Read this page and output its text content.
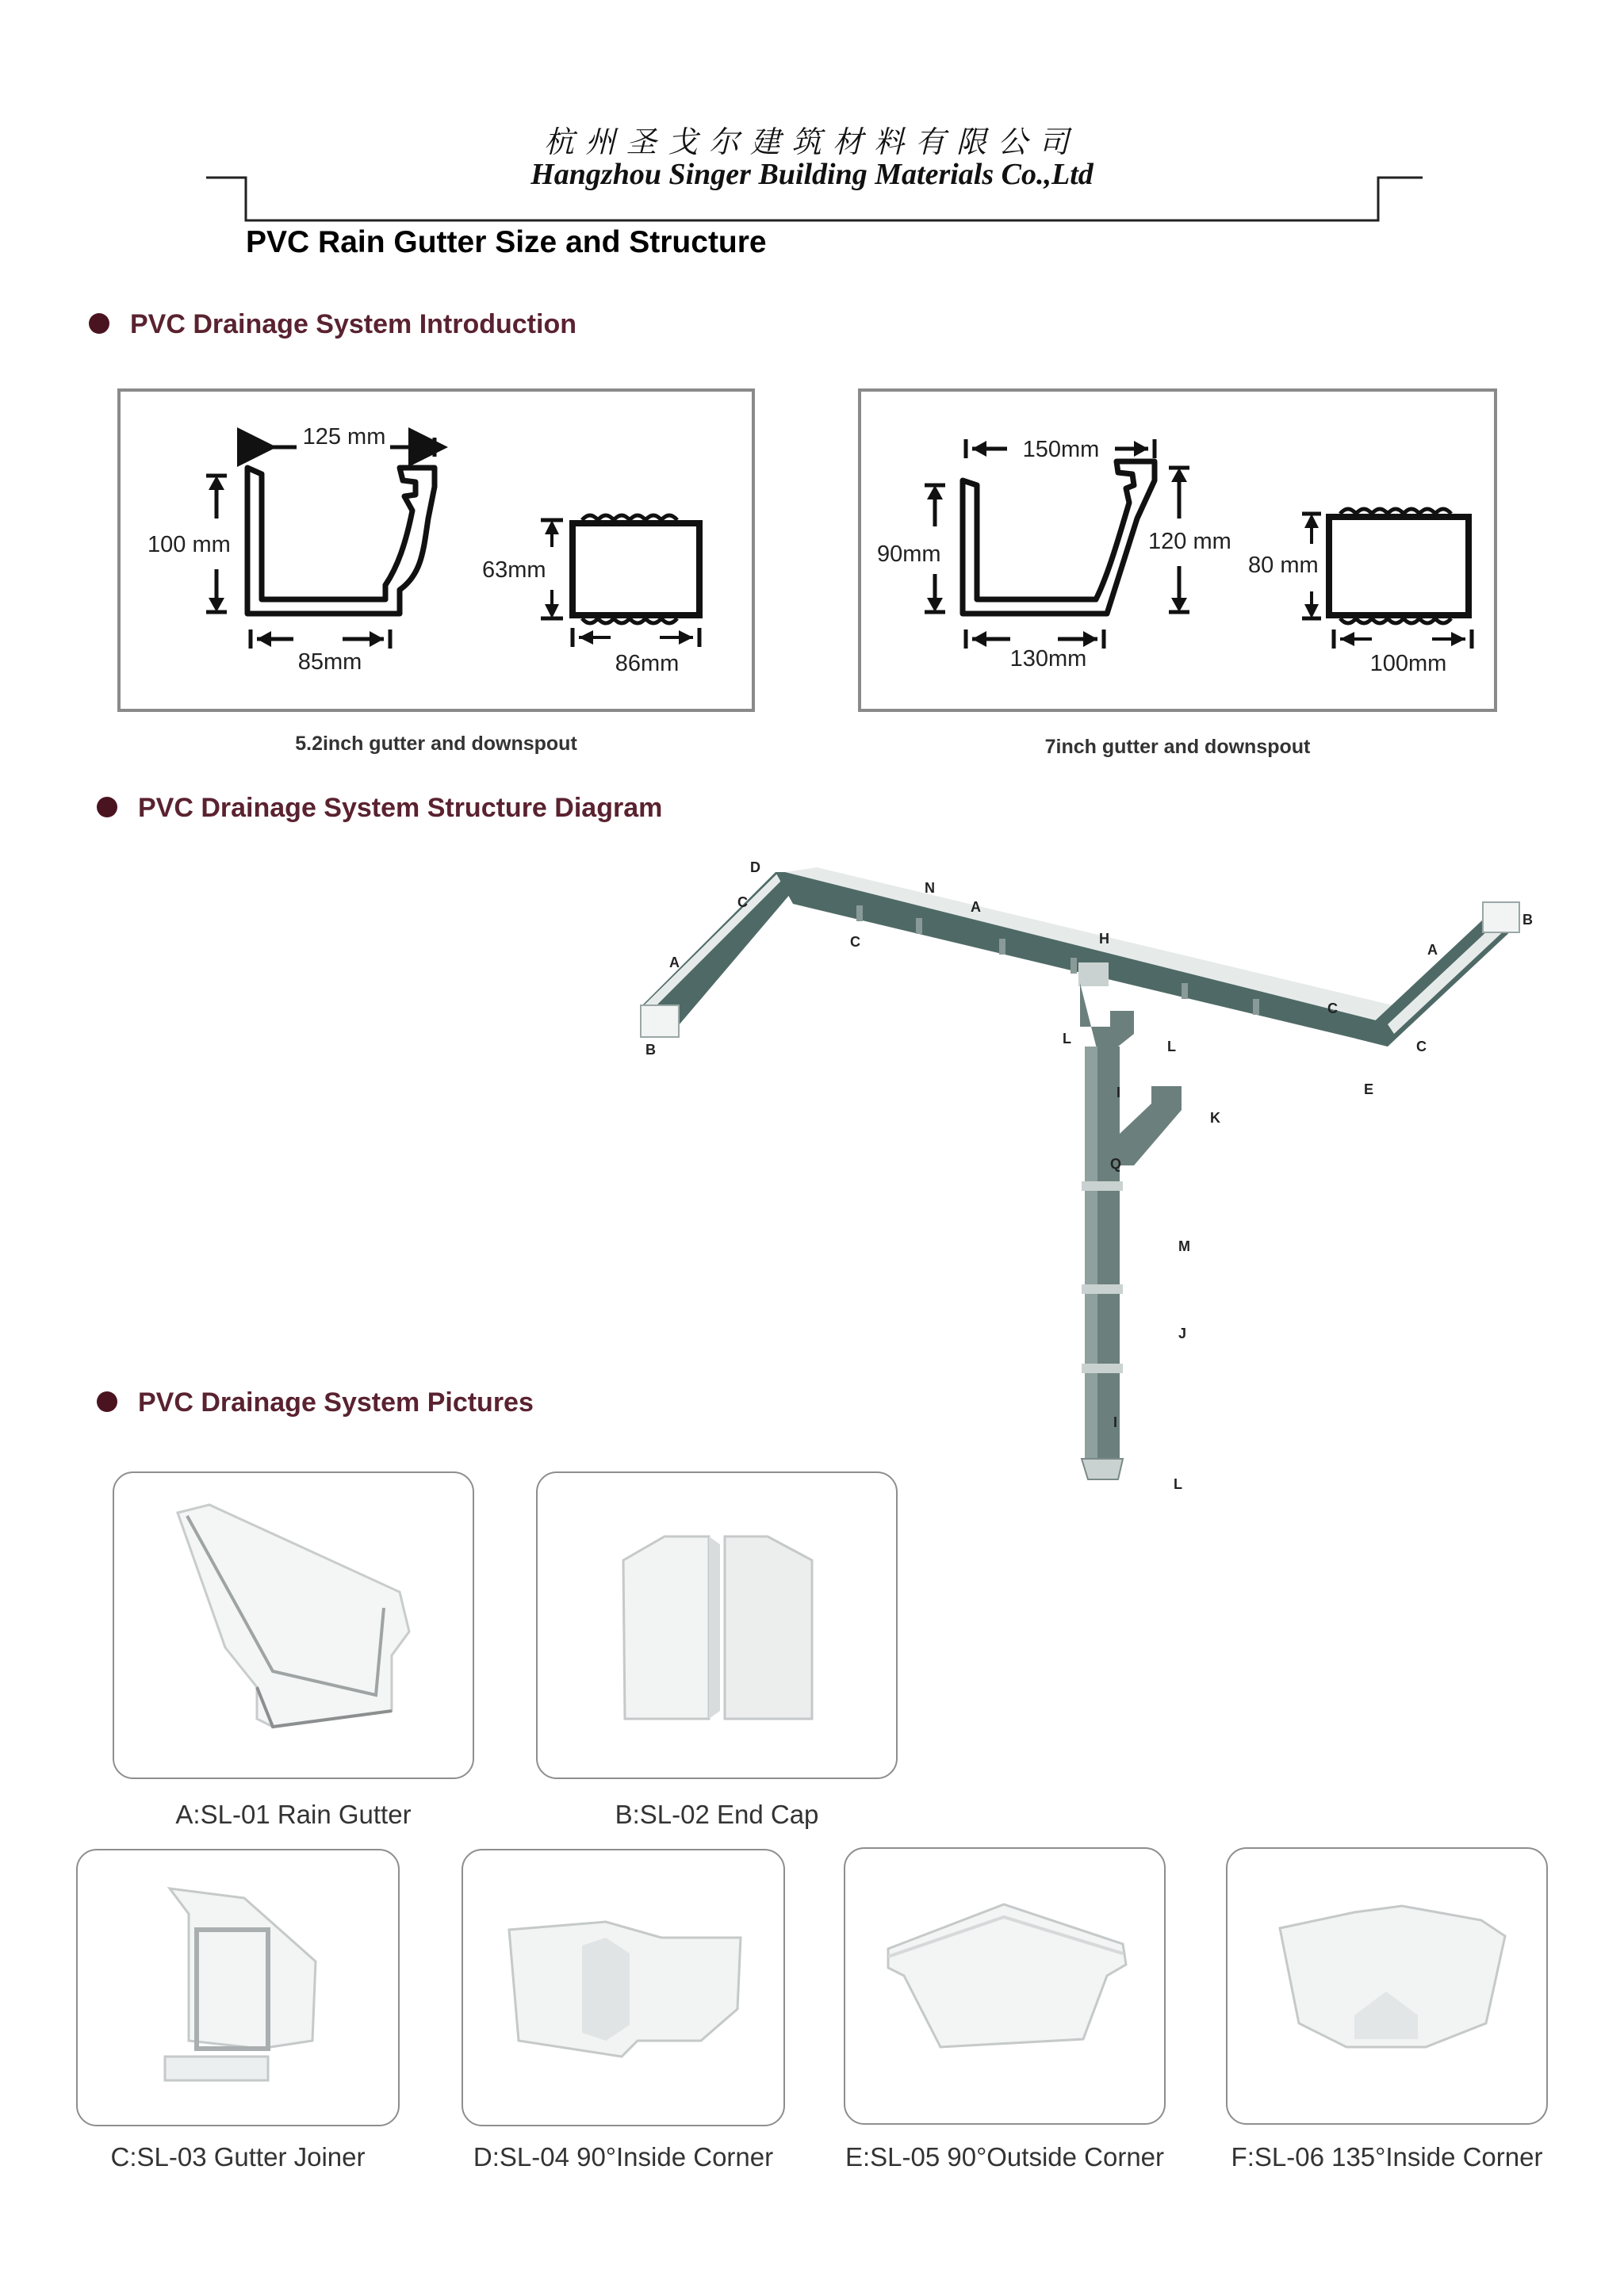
杭州圣戈尔建筑材料有限公司
Hangzhou Singer Building Materials Co.,Ltd
PVC Rain Gutter Size and Structure
PVC Drainage System Introduction
125 mm
100 mm
85mm
63mm
86mm
5.2inch gutter and downspout
150mm
90mm	120 mm
130mm
80 mm
100mm
7inch gutter and downspout
PVC Drainage System Structure Diagram
D
C
N
A
A
B
C	H
L	L
C
A
B
C
E
I
K
Q
M
J
I
L
PVC Drainage System Pictures
A:SL-01 Rain Gutter	B:SL-02 End Cap
C:SL-03 Gutter Joiner	D:SL-04 90°Inside Corner	E:SL-05 90°Outside Corner	F:SL-06 135°Inside Corner
